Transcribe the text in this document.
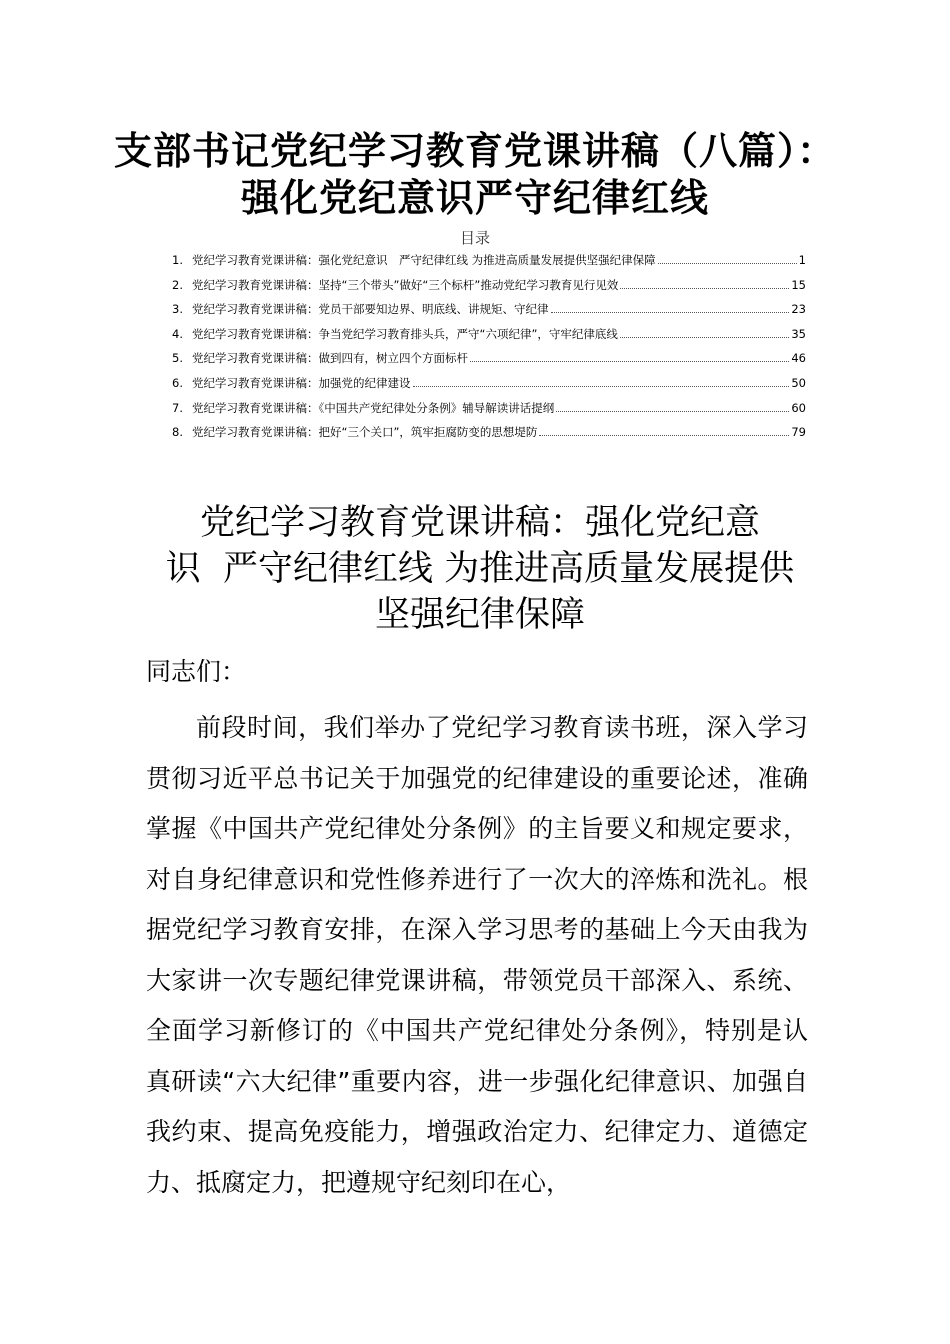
支部书记党纪学习教育党课讲稿（八篇）：
强化党纪意识严守纪律红线
目录
1. 党纪学习教育党课讲稿：强化党纪意识　严守纪律红线 为推进高质量发展提供坚强纪律保障	1
2. 党纪学习教育党课讲稿：坚持“三个带头”做好“三个标杆”推动党纪学习教育见行见效	15
3. 党纪学习教育党课讲稿：党员干部要知边界、明底线、讲规矩、守纪律	23
4. 党纪学习教育党课讲稿：争当党纪学习教育排头兵，严守“六项纪律”，守牢纪律底线	35
5. 党纪学习教育党课讲稿：做到四有，树立四个方面标杆	46
6. 党纪学习教育党课讲稿：加强党的纪律建设	50
7. 党纪学习教育党课讲稿：《中国共产党纪律处分条例》辅导解读讲话提纲	60
8. 党纪学习教育党课讲稿：把好“三个关口”，筑牢拒腐防变的思想堤防	79
党纪学习教育党课讲稿：强化党纪意
识  严守纪律红线 为推进高质量发展提供
坚强纪律保障

同志们：

前段时间，我们举办了党纪学习教育读书班，深入学习贯彻习近平总书记关于加强党的纪律建设的重要论述，准确掌握《中国共产党纪律处分条例》的主旨要义和规定要求，对自身纪律意识和党性修养进行了一次大的淬炼和洗礼。根据党纪学习教育安排，在深入学习思考的基础上今天由我为大家讲一次专题纪律党课讲稿，带领党员干部深入、系统、全面学习新修订的《中国共产党纪律处分条例》，特别是认真研读“六大纪律”重要内容，进一步强化纪律意识、加强自我约束、提高免疫能力，增强政治定力、纪律定力、道德定力、抵腐定力，把遵规守纪刻印在心，
